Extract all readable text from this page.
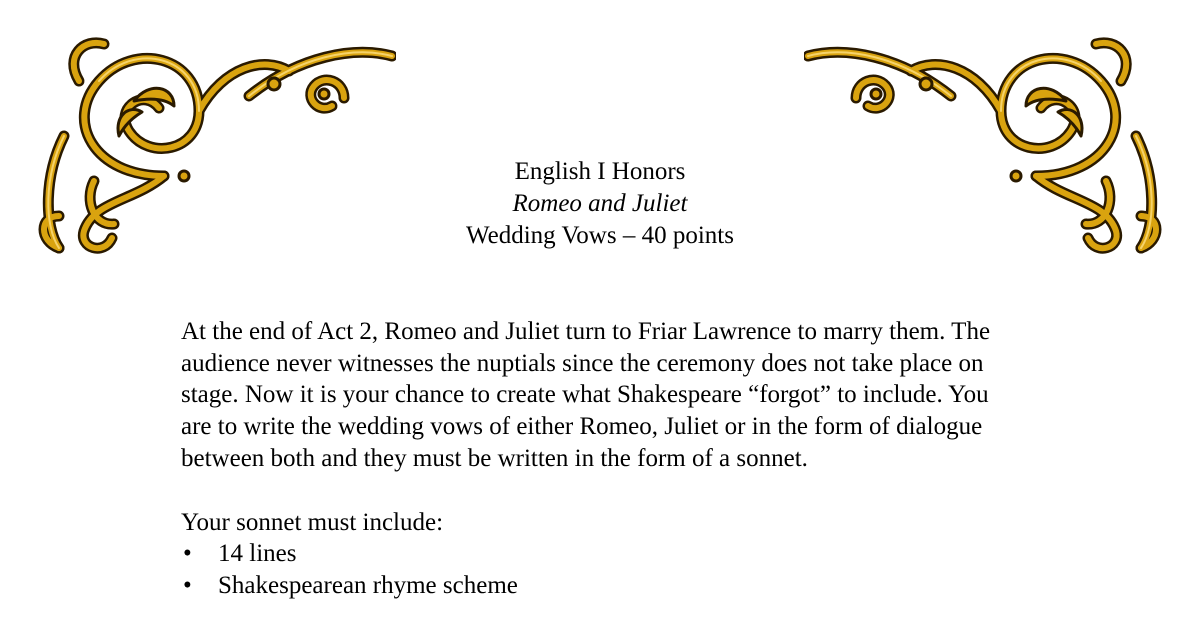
English I Honors
Romeo and Juliet
Wedding Vows – 40 points

At the end of Act 2, Romeo and Juliet turn to Friar Lawrence to marry them. The audience never witnesses the nuptials since the ceremony does not take place on stage. Now it is your chance to create what Shakespeare “forgot” to include. You are to write the wedding vows of either Romeo, Juliet or in the form of dialogue between both and they must be written in the form of a sonnet.

Your sonnet must include:

• 14 lines
• Shakespearean rhyme scheme
